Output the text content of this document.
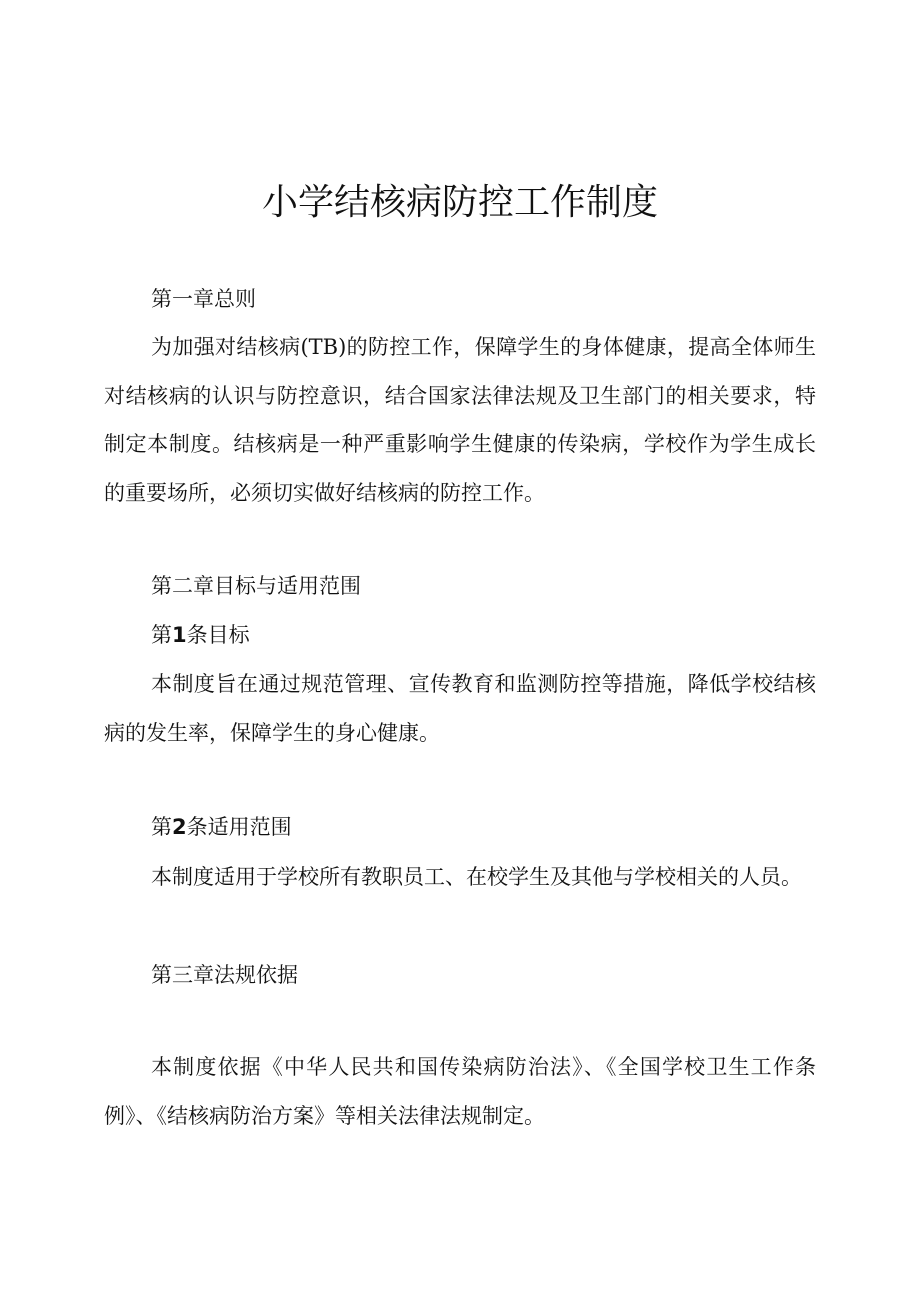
小学结核病防控工作制度
第一章总则

为加强对结核病(TB)的防控工作，保障学生的身体健康，提高全体师生对结核病的认识与防控意识，结合国家法律法规及卫生部门的相关要求，特制定本制度。结核病是一种严重影响学生健康的传染病，学校作为学生成长的重要场所，必须切实做好结核病的防控工作。

第二章目标与适用范围
第1条目标

本制度旨在通过规范管理、宣传教育和监测防控等措施，降低学校结核病的发生率，保障学生的身心健康。

第2条适用范围

本制度适用于学校所有教职员工、在校学生及其他与学校相关的人员。

第三章法规依据

本制度依据《中华人民共和国传染病防治法》、《全国学校卫生工作条例》、《结核病防治方案》等相关法律法规制定。
